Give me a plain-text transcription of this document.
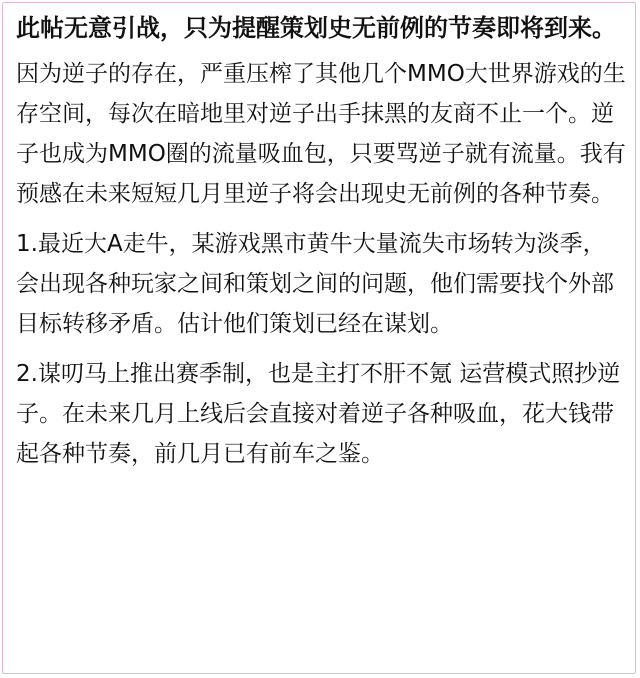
此帖无意引战，只为提醒策划史无前例的节奏即将到来。
因为逆子的存在，严重压榨了其他几个MMO大世界游戏的生存空间，每次在暗地里对逆子出手抹黑的友商不止一个。逆子也成为MMO圈的流量吸血包，只要骂逆子就有流量。我有预感在未来短短几月里逆子将会出现史无前例的各种节奏。
1.最近大A走牛，某游戏黑市黄牛大量流失市场转为淡季，会出现各种玩家之间和策划之间的问题，他们需要找个外部目标转移矛盾。估计他们策划已经在谋划。
2.谋叨马上推出赛季制，也是主打不肝不氪 运营模式照抄逆子。在未来几月上线后会直接对着逆子各种吸血，花大钱带起各种节奏，前几月已有前车之鉴。
